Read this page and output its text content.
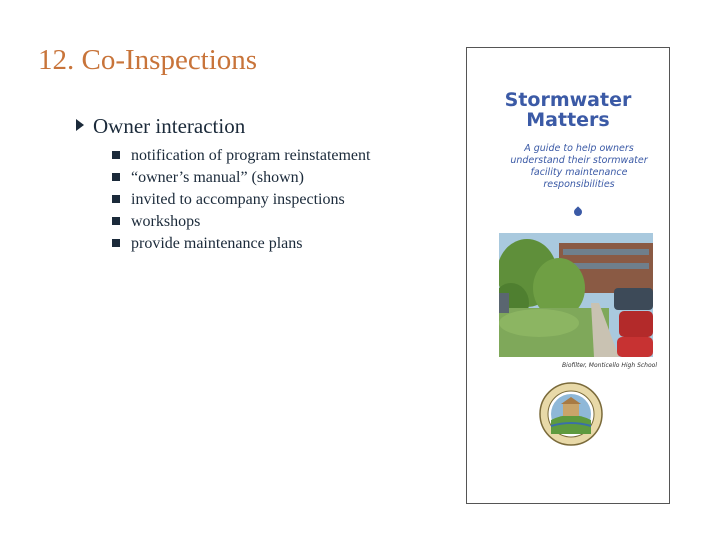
12. Co-Inspections
Owner interaction
notification of program reinstatement
“owner’s manual” (shown)
invited to accompany inspections
workshops
provide maintenance plans
Stormwater
Matters
A guide to help owners understand their stormwater facility maintenance responsibilities
Biofilter, Monticello High School
